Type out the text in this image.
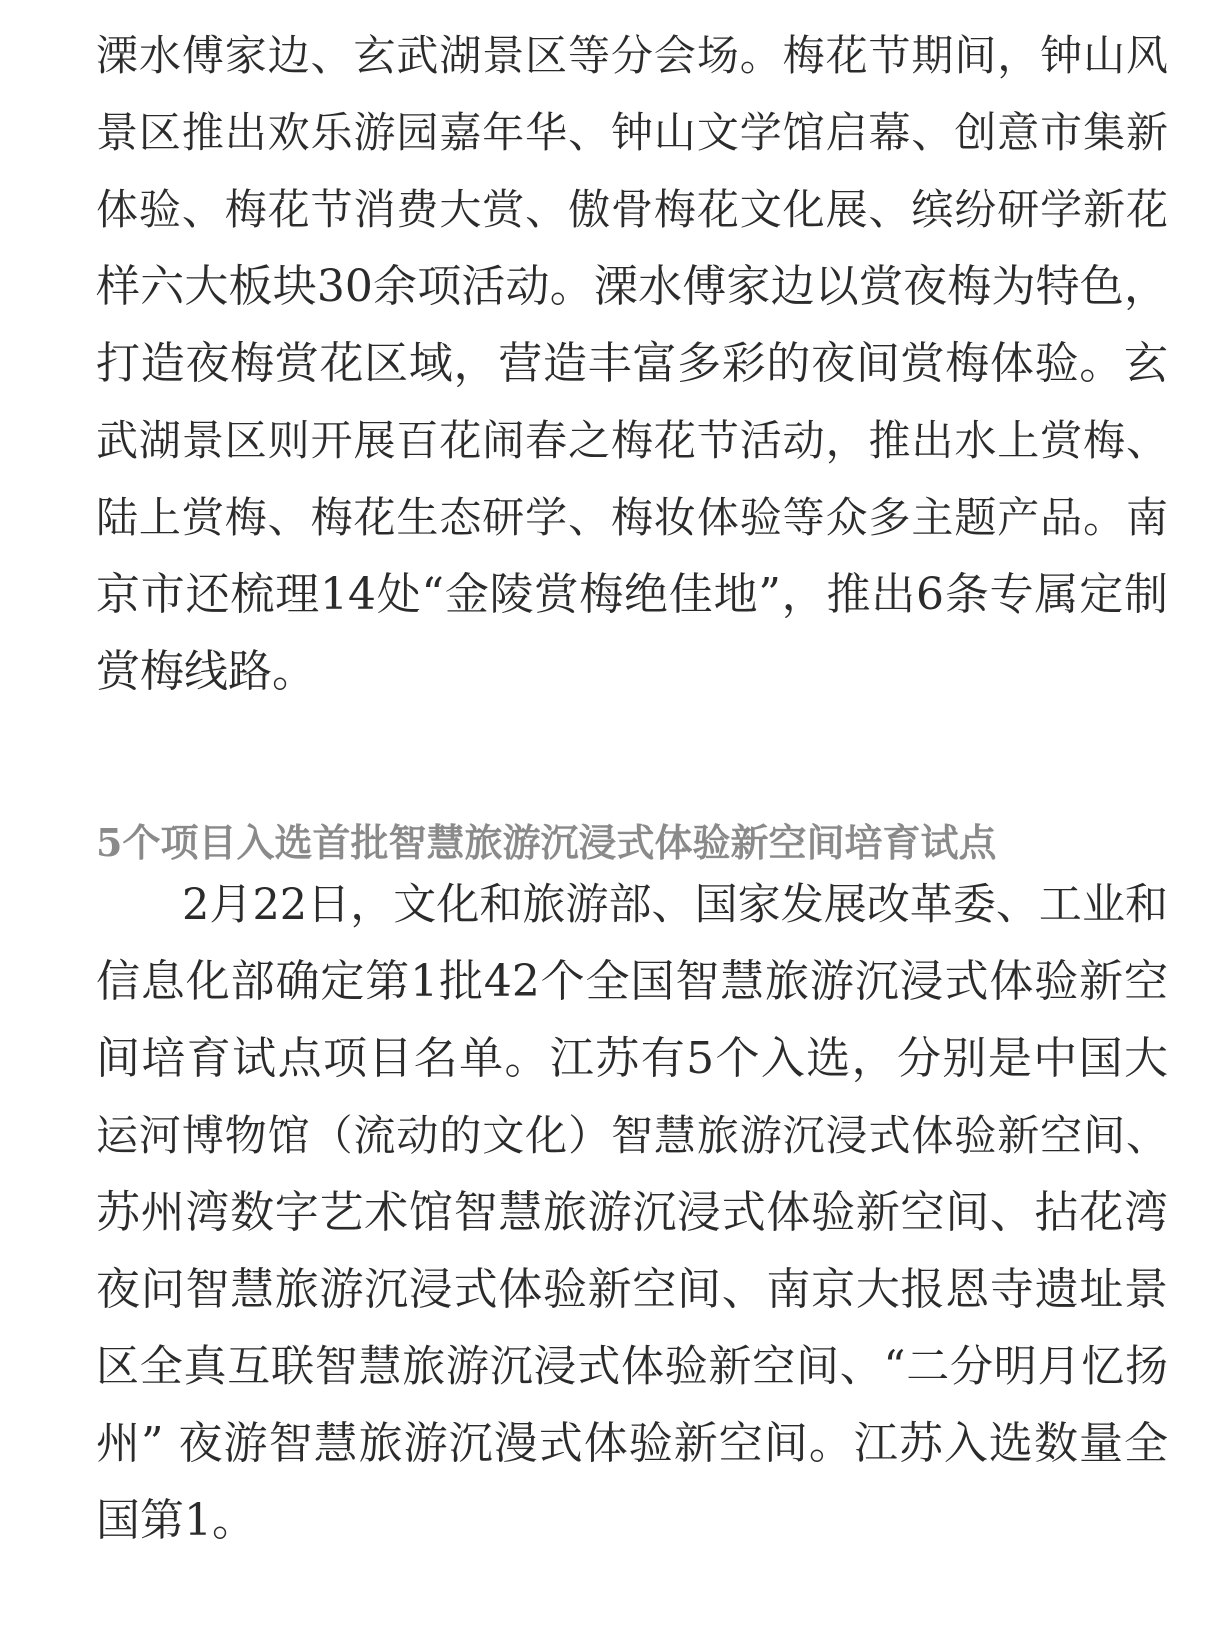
溧水傅家边、玄武湖景区等分会场。梅花节期间，钟山风
景区推出欢乐游园嘉年华、钟山文学馆启幕、创意市集新
体验、梅花节消费大赏、傲骨梅花文化展、缤纷研学新花
样六大板块30余项活动。溧水傅家边以赏夜梅为特色，
打造夜梅赏花区域，营造丰富多彩的夜间赏梅体验。玄
武湖景区则开展百花闹春之梅花节活动，推出水上赏梅、
陆上赏梅、梅花生态研学、梅妆体验等众多主题产品。南
京市还梳理14处“金陵赏梅绝佳地”，推出6条专属定制
赏梅线路。
5个项目入选首批智慧旅游沉浸式体验新空间培育试点
2月22日，文化和旅游部、国家发展改革委、工业和
信息化部确定第1批42个全国智慧旅游沉浸式体验新空
间培育试点项目名单。江苏有5个入选，分别是中国大
运河博物馆（流动的文化）智慧旅游沉浸式体验新空间、
苏州湾数字艺术馆智慧旅游沉浸式体验新空间、拈花湾
夜问智慧旅游沉浸式体验新空间、南京大报恩寺遗址景
区全真互联智慧旅游沉浸式体验新空间、“二分明月忆扬
州” 夜游智慧旅游沉漫式体验新空间。江苏入选数量全
国第1。
